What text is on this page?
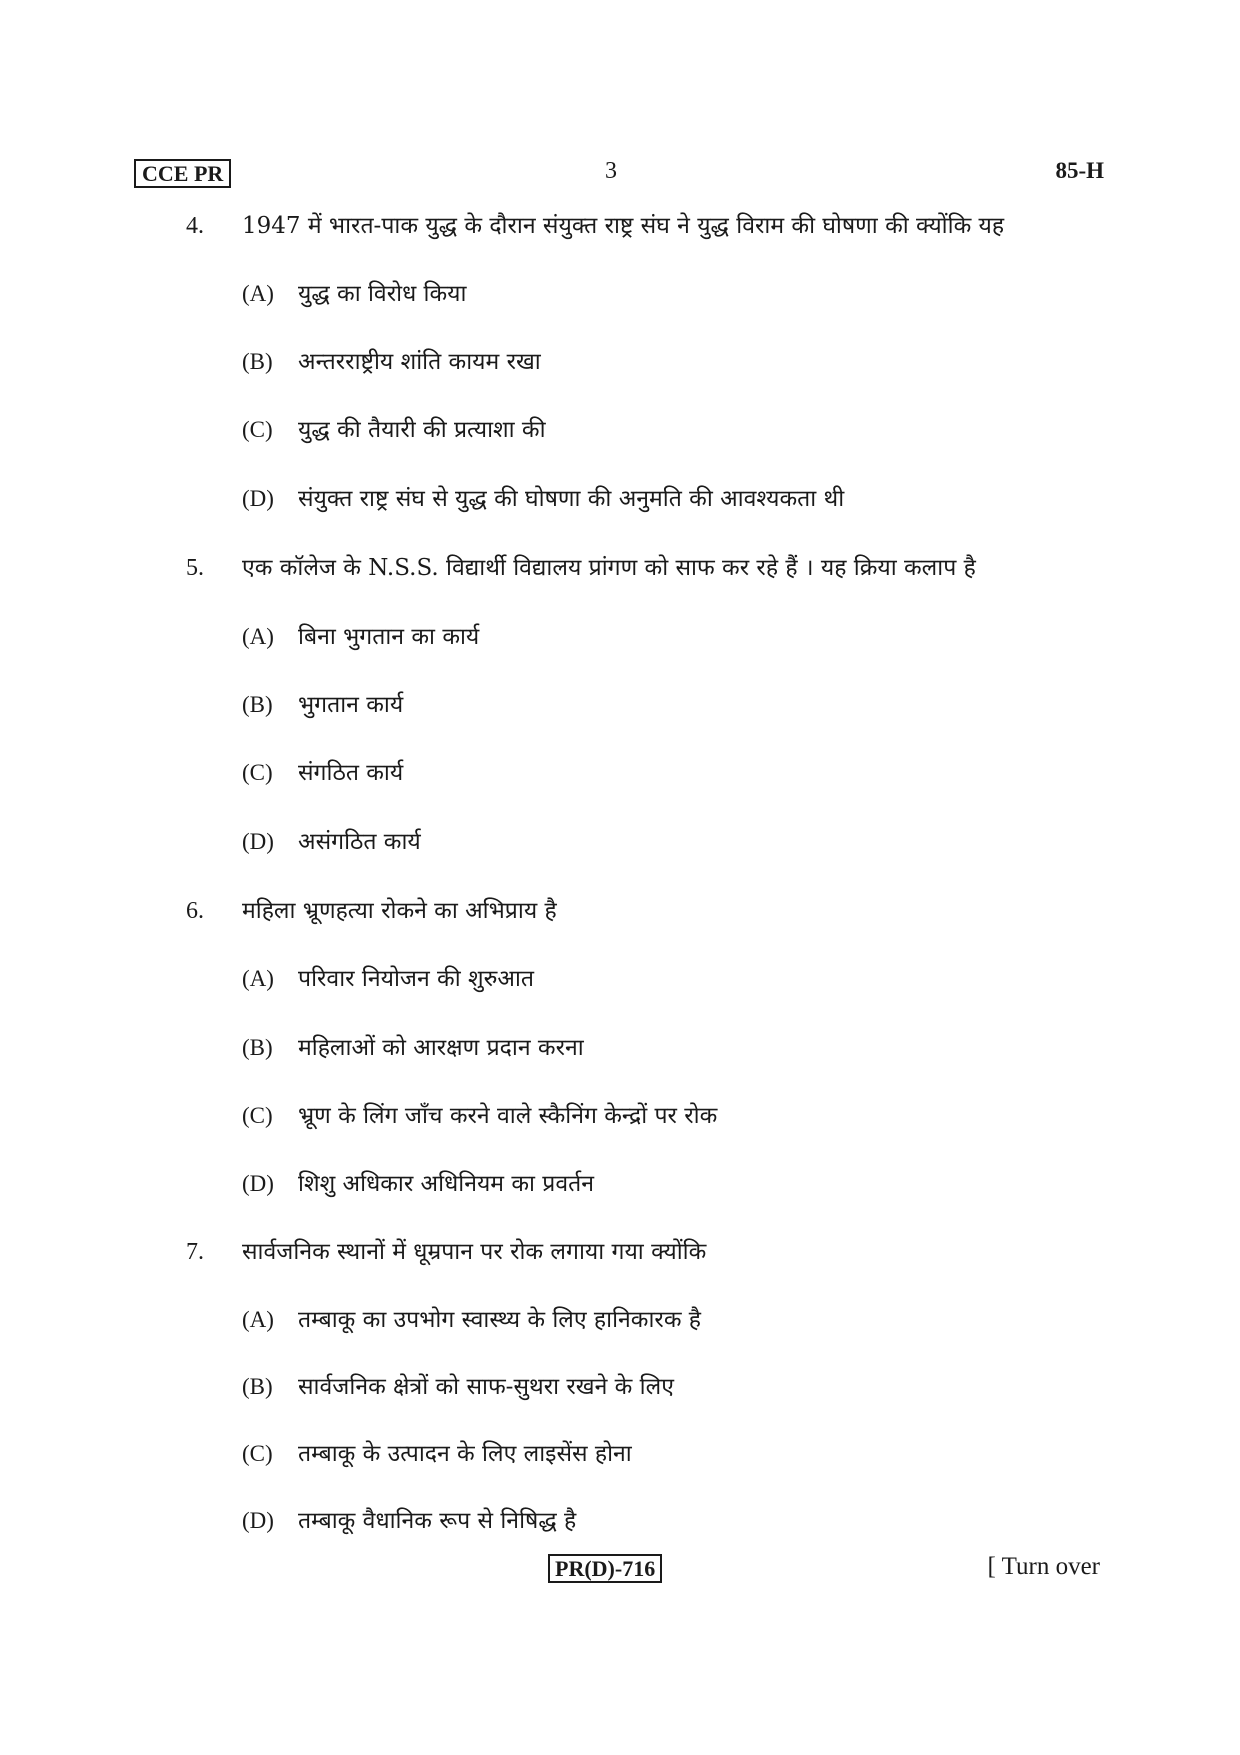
CCE PR	3	85-H
4. 1947 में भारत-पाक युद्ध के दौरान संयुक्त राष्ट्र संघ ने युद्ध विराम की घोषणा की क्योंकि यह
(A) युद्ध का विरोध किया
(B) अन्तरराष्ट्रीय शांति कायम रखा
(C) युद्ध की तैयारी की प्रत्याशा की
(D) संयुक्त राष्ट्र संघ से युद्ध की घोषणा की अनुमति की आवश्यकता थी
5. एक कॉलेज के N.S.S. विद्यार्थी विद्यालय प्रांगण को साफ कर रहे हैं । यह क्रिया कलाप है
(A) बिना भुगतान का कार्य
(B) भुगतान कार्य
(C) संगठित कार्य
(D) असंगठित कार्य
6. महिला भ्रूणहत्या रोकने का अभिप्राय है
(A) परिवार नियोजन की शुरुआत
(B) महिलाओं को आरक्षण प्रदान करना
(C) भ्रूण के लिंग जाँच करने वाले स्कैनिंग केन्द्रों पर रोक
(D) शिशु अधिकार अधिनियम का प्रवर्तन
7. सार्वजनिक स्थानों में धूम्रपान पर रोक लगाया गया क्योंकि
(A) तम्बाकू का उपभोग स्वास्थ्य के लिए हानिकारक है
(B) सार्वजनिक क्षेत्रों को साफ-सुथरा रखने के लिए
(C) तम्बाकू के उत्पादन के लिए लाइसेंस होना
(D) तम्बाकू वैधानिक रूप से निषिद्ध है
PR(D)-716	[ Turn over
